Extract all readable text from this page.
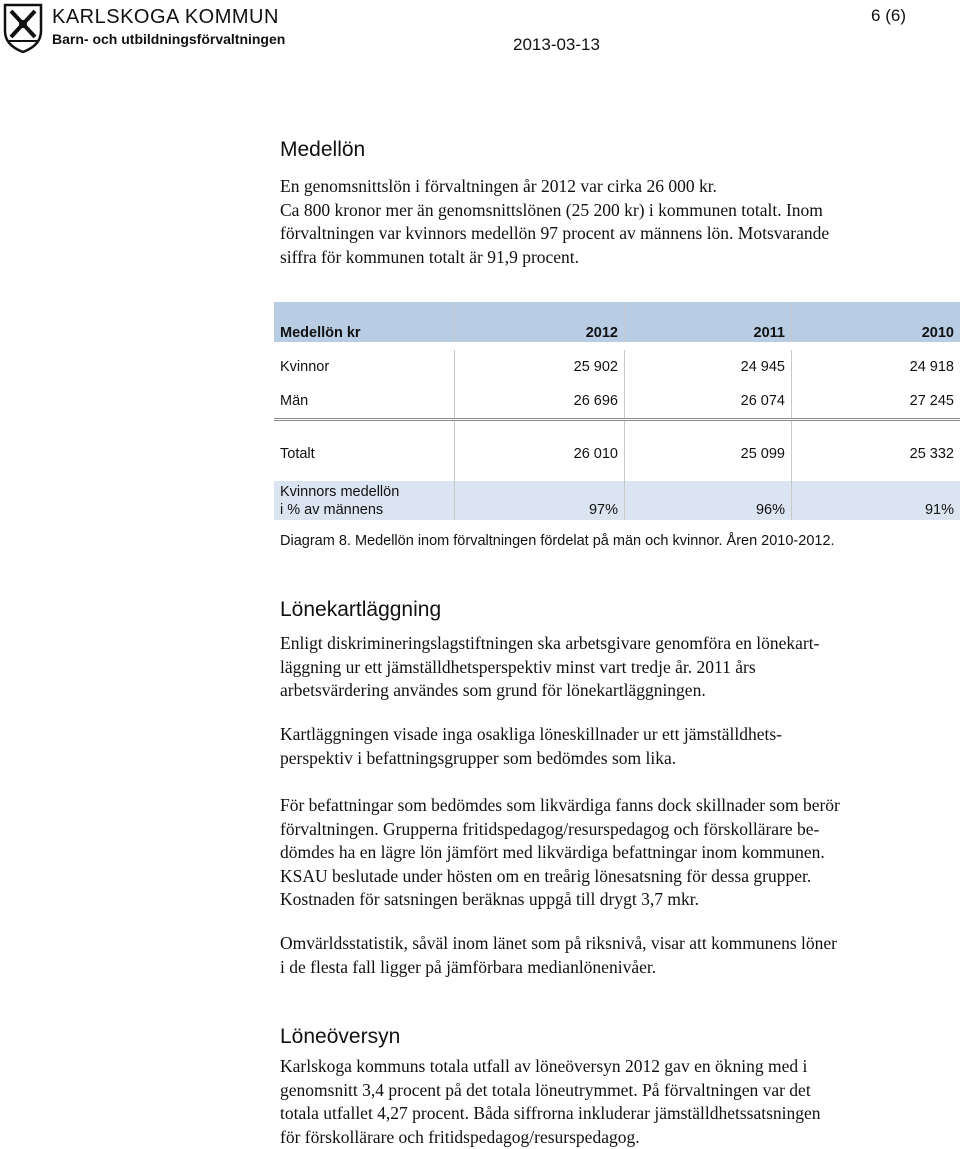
KARLSKOGA KOMMUN
Barn- och utbildningsförvaltningen
6 (6)
2013-03-13
Medellön
En genomsnittslön i förvaltningen år 2012 var cirka 26 000 kr.
Ca 800 kronor mer än genomsnittslönen (25 200 kr) i kommunen totalt. Inom
förvaltningen var kvinnors medellön 97 procent av männens lön. Motsvarande
siffra för kommunen totalt är 91,9 procent.
Medellön kr	2012	2011	2010
Kvinnor	25 902	24 945	24 918
Män	26 696	26 074	27 245
Totalt	26 010	25 099	25 332
Kvinnors medellön
i % av männens	97%	96%	91%
Diagram 8. Medellön inom förvaltningen fördelat på män och kvinnor. Åren 2010-2012.
Lönekartläggning
Enligt diskrimineringslagstiftningen ska arbetsgivare genomföra en lönekart-
läggning ur ett jämställdhetsperspektiv minst vart tredje år. 2011 års
arbetsvärdering användes som grund för lönekartläggningen.
Kartläggningen visade inga osakliga löneskillnader ur ett jämställdhets-
perspektiv i befattningsgrupper som bedömdes som lika.
För befattningar som bedömdes som likvärdiga fanns dock skillnader som berör
förvaltningen. Grupperna fritidspedagog/resurspedagog och förskollärare be-
dömdes ha en lägre lön jämfört med likvärdiga befattningar inom kommunen.
KSAU beslutade under hösten om en treårig lönesatsning för dessa grupper.
Kostnaden för satsningen beräknas uppgå till drygt 3,7 mkr.
Omvärldsstatistik, såväl inom länet som på riksnivå, visar att kommunens löner
i de flesta fall ligger på jämförbara medianlönenivåer.
Löneöversyn
Karlskoga kommuns totala utfall av löneöversyn 2012 gav en ökning med i
genomsnitt 3,4 procent på det totala löneutrymmet. På förvaltningen var det
totala utfallet 4,27 procent. Båda siffrorna inkluderar jämställdhetssatsningen
för förskollärare och fritidspedagog/resurspedagog.
